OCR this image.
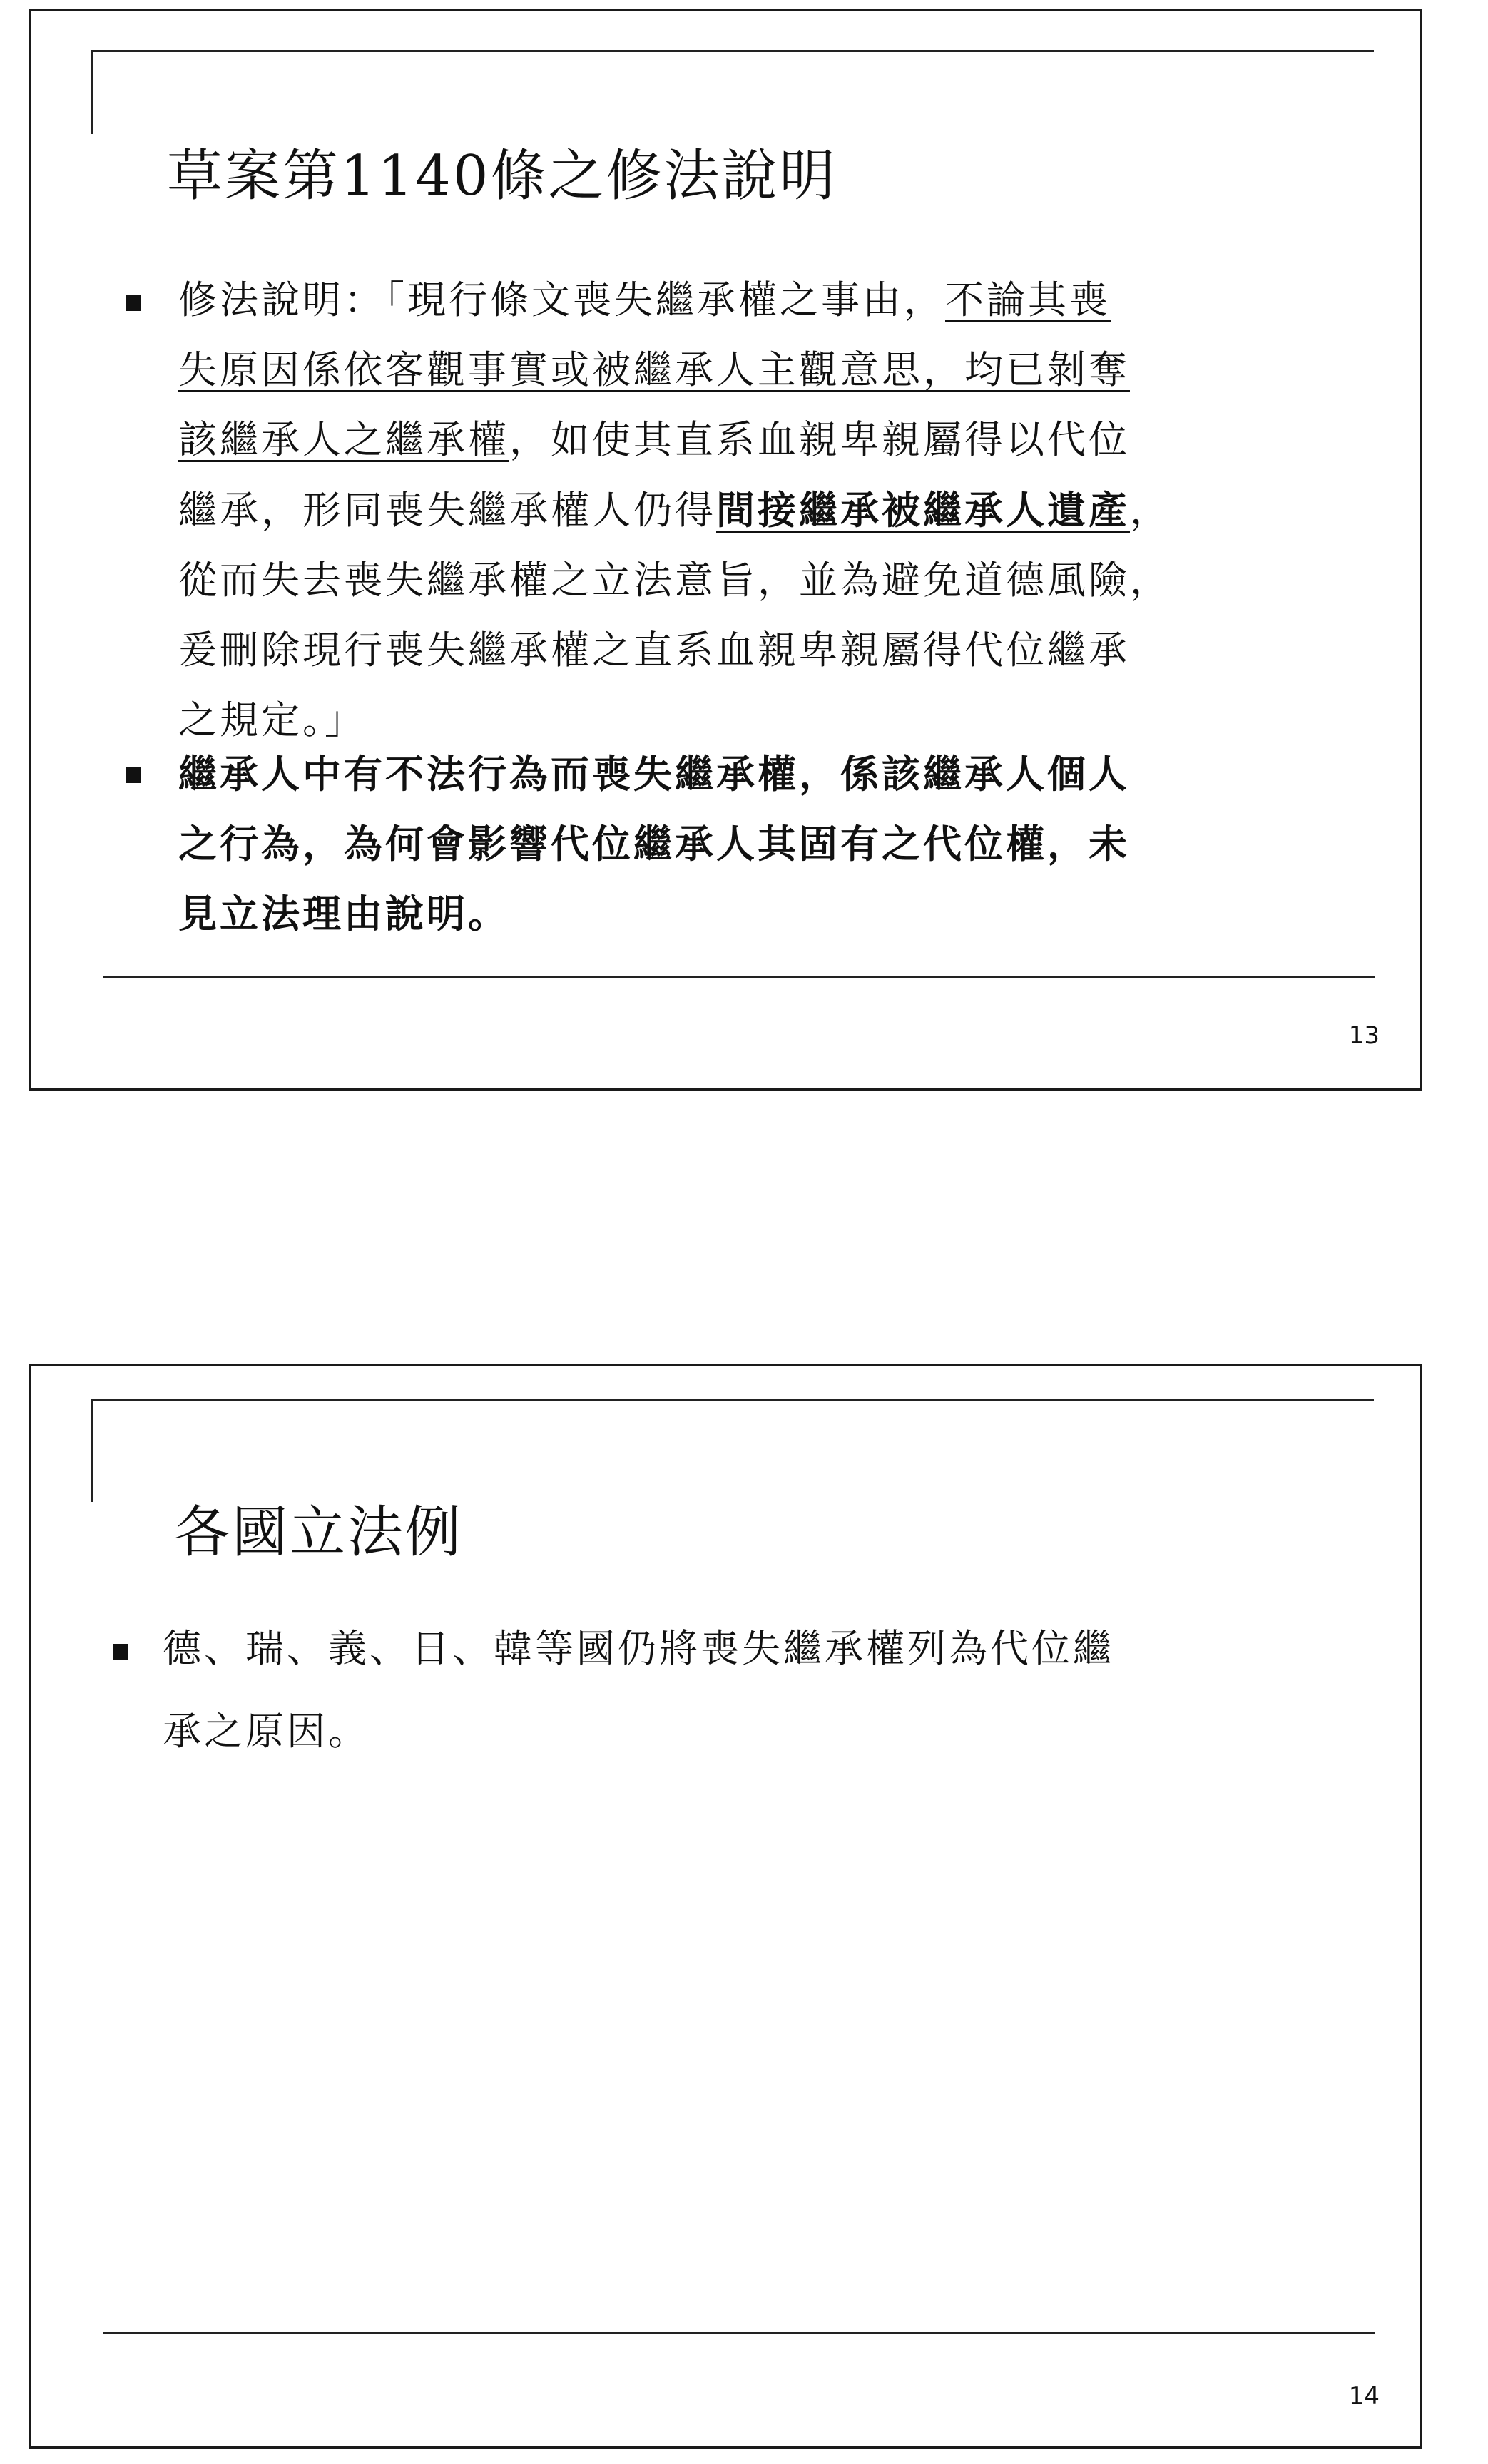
草案第1140條之修法說明
13
修法說明：「現行條文喪失繼承權之事由，不論其喪
失原因係依客觀事實或被繼承人主觀意思，均已剝奪
該繼承人之繼承權，如使其直系血親卑親屬得以代位
繼承，形同喪失繼承權人仍得間接繼承被繼承人遺產，
從而失去喪失繼承權之立法意旨，並為避免道德風險，
爰刪除現行喪失繼承權之直系血親卑親屬得代位繼承
之規定。」
繼承人中有不法行為而喪失繼承權，係該繼承人個人
之行為，為何會影響代位繼承人其固有之代位權，未
見立法理由說明。
各國立法例
14
德、瑞、義、日、韓等國仍將喪失繼承權列為代位繼
承之原因。
